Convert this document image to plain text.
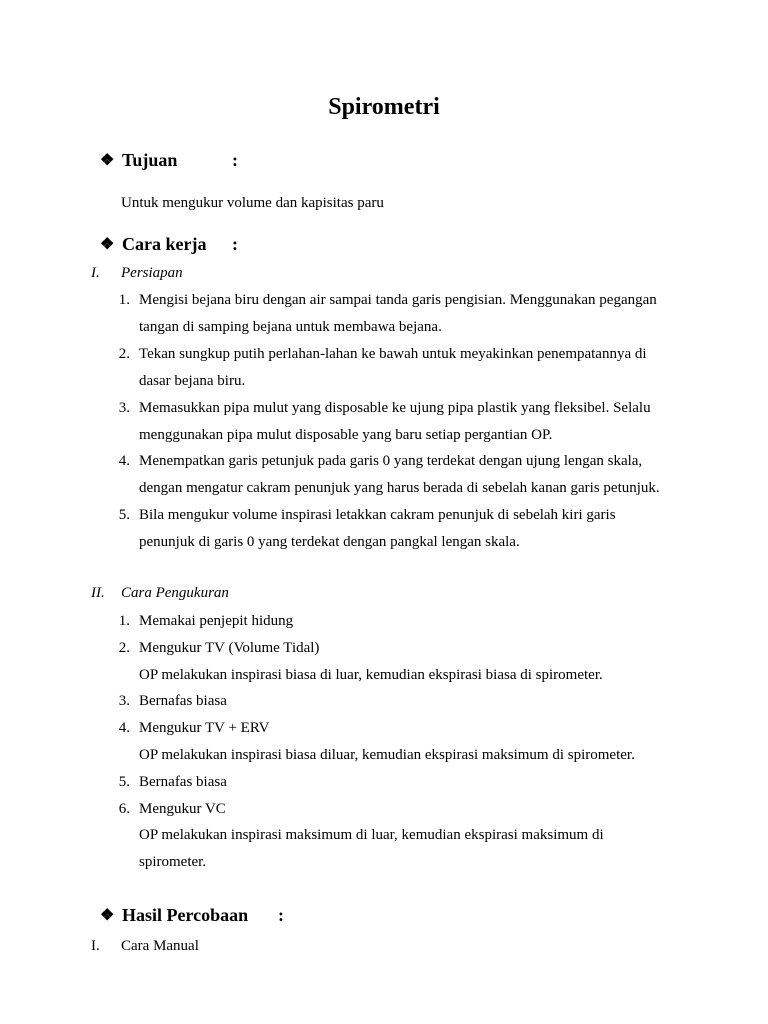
Spirometri
❖ Tujuan	:
Untuk mengukur volume dan kapisitas paru
❖ Cara kerja :
I. Persiapan
1. Mengisi bejana biru dengan air sampai tanda garis pengisian. Menggunakan pegangan
tangan di samping bejana untuk membawa bejana.
2. Tekan sungkup putih perlahan-lahan ke bawah untuk meyakinkan penempatannya di
dasar bejana biru.
3. Memasukkan pipa mulut yang disposable ke ujung pipa plastik yang fleksibel. Selalu
menggunakan pipa mulut disposable yang baru setiap pergantian OP.
4. Menempatkan garis petunjuk pada garis 0 yang terdekat dengan ujung lengan skala,
dengan mengatur cakram penunjuk yang harus berada di sebelah kanan garis petunjuk.
5. Bila mengukur volume inspirasi letakkan cakram penunjuk di sebelah kiri garis
penunjuk di garis 0 yang terdekat dengan pangkal lengan skala.
II. Cara Pengukuran
1. Memakai penjepit hidung
2. Mengukur TV (Volume Tidal)
OP melakukan inspirasi biasa di luar, kemudian ekspirasi biasa di spirometer.
3. Bernafas biasa
4. Mengukur TV + ERV
OP melakukan inspirasi biasa diluar, kemudian ekspirasi maksimum di spirometer.
5. Bernafas biasa
6. Mengukur VC
OP melakukan inspirasi maksimum di luar, kemudian ekspirasi maksimum di
spirometer.
❖ Hasil Percobaan :
I. Cara Manual
